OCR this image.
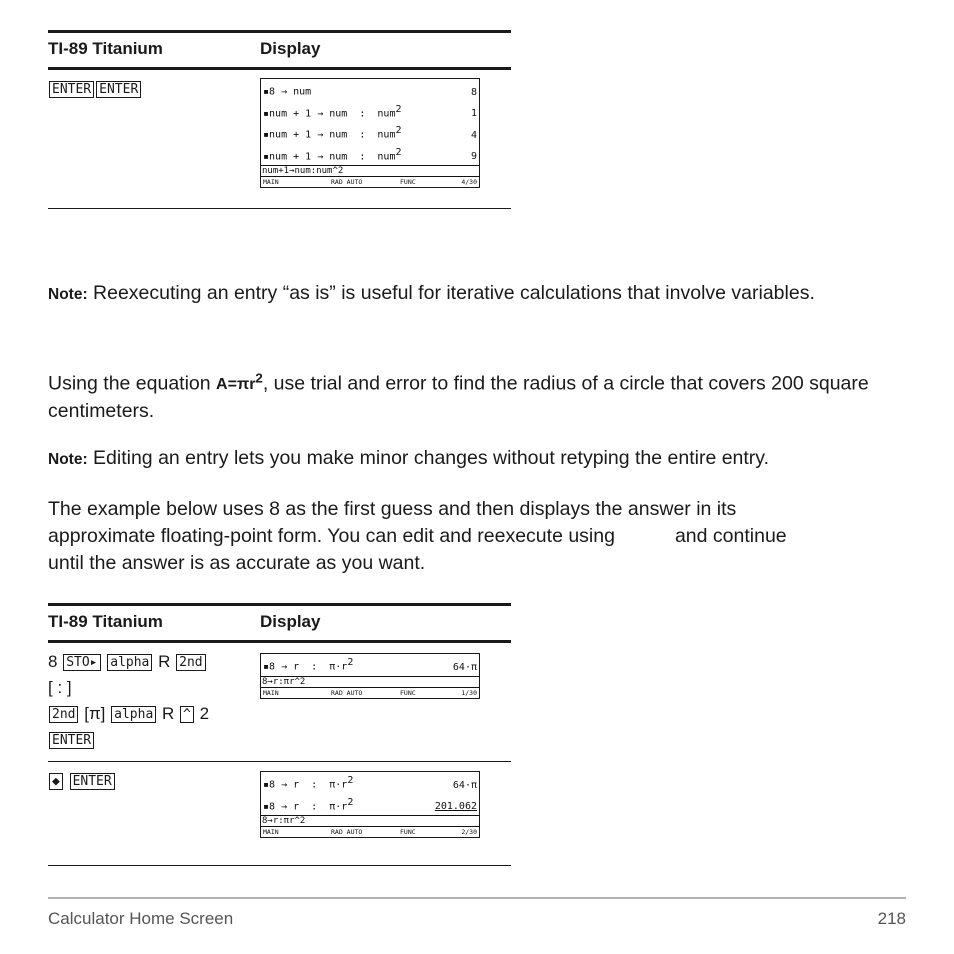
TI-89 Titanium	Display
ENTER ENTER	▪8 → num	8
▪num + 1 → num  :  num$^2$	1
▪num + 1 → num  :  num$^2$	4
▪num + 1 → num  :  num$^2$	9
num+1→num:num^2
MAIN	RAD AUTO	FUNC	4/30

Note: Reexecuting an entry “as is” is useful for iterative calculations that involve variables.

Using the equation $A=\pi r^2$, use trial and error to find the radius of a circle that covers 200 square centimeters.

Note: Editing an entry lets you make minor changes without retyping the entire entry.

The example below uses 8 as the first guess and then displays the answer in its
approximate floating-point form. You can edit and reexecute using	and continue
until the answer is as accurate as you want.

TI-89 Titanium	Display
8 STO▸ alpha R 2nd
[ : ]
2nd [π] alpha R ^ 2
ENTER
▪8 → r  :  $\pi\cdot r^2$	64·π
8→r:πr^2
MAIN	RAD AUTO	FUNC	1/30
◆ ENTER	▪8 → r  :  $\pi\cdot r^2$	64·π
▪8 → r  :  $\pi\cdot r^2$	201.062
8→r:πr^2
MAIN	RAD AUTO	FUNC	2/30
Calculator Home Screen	218
